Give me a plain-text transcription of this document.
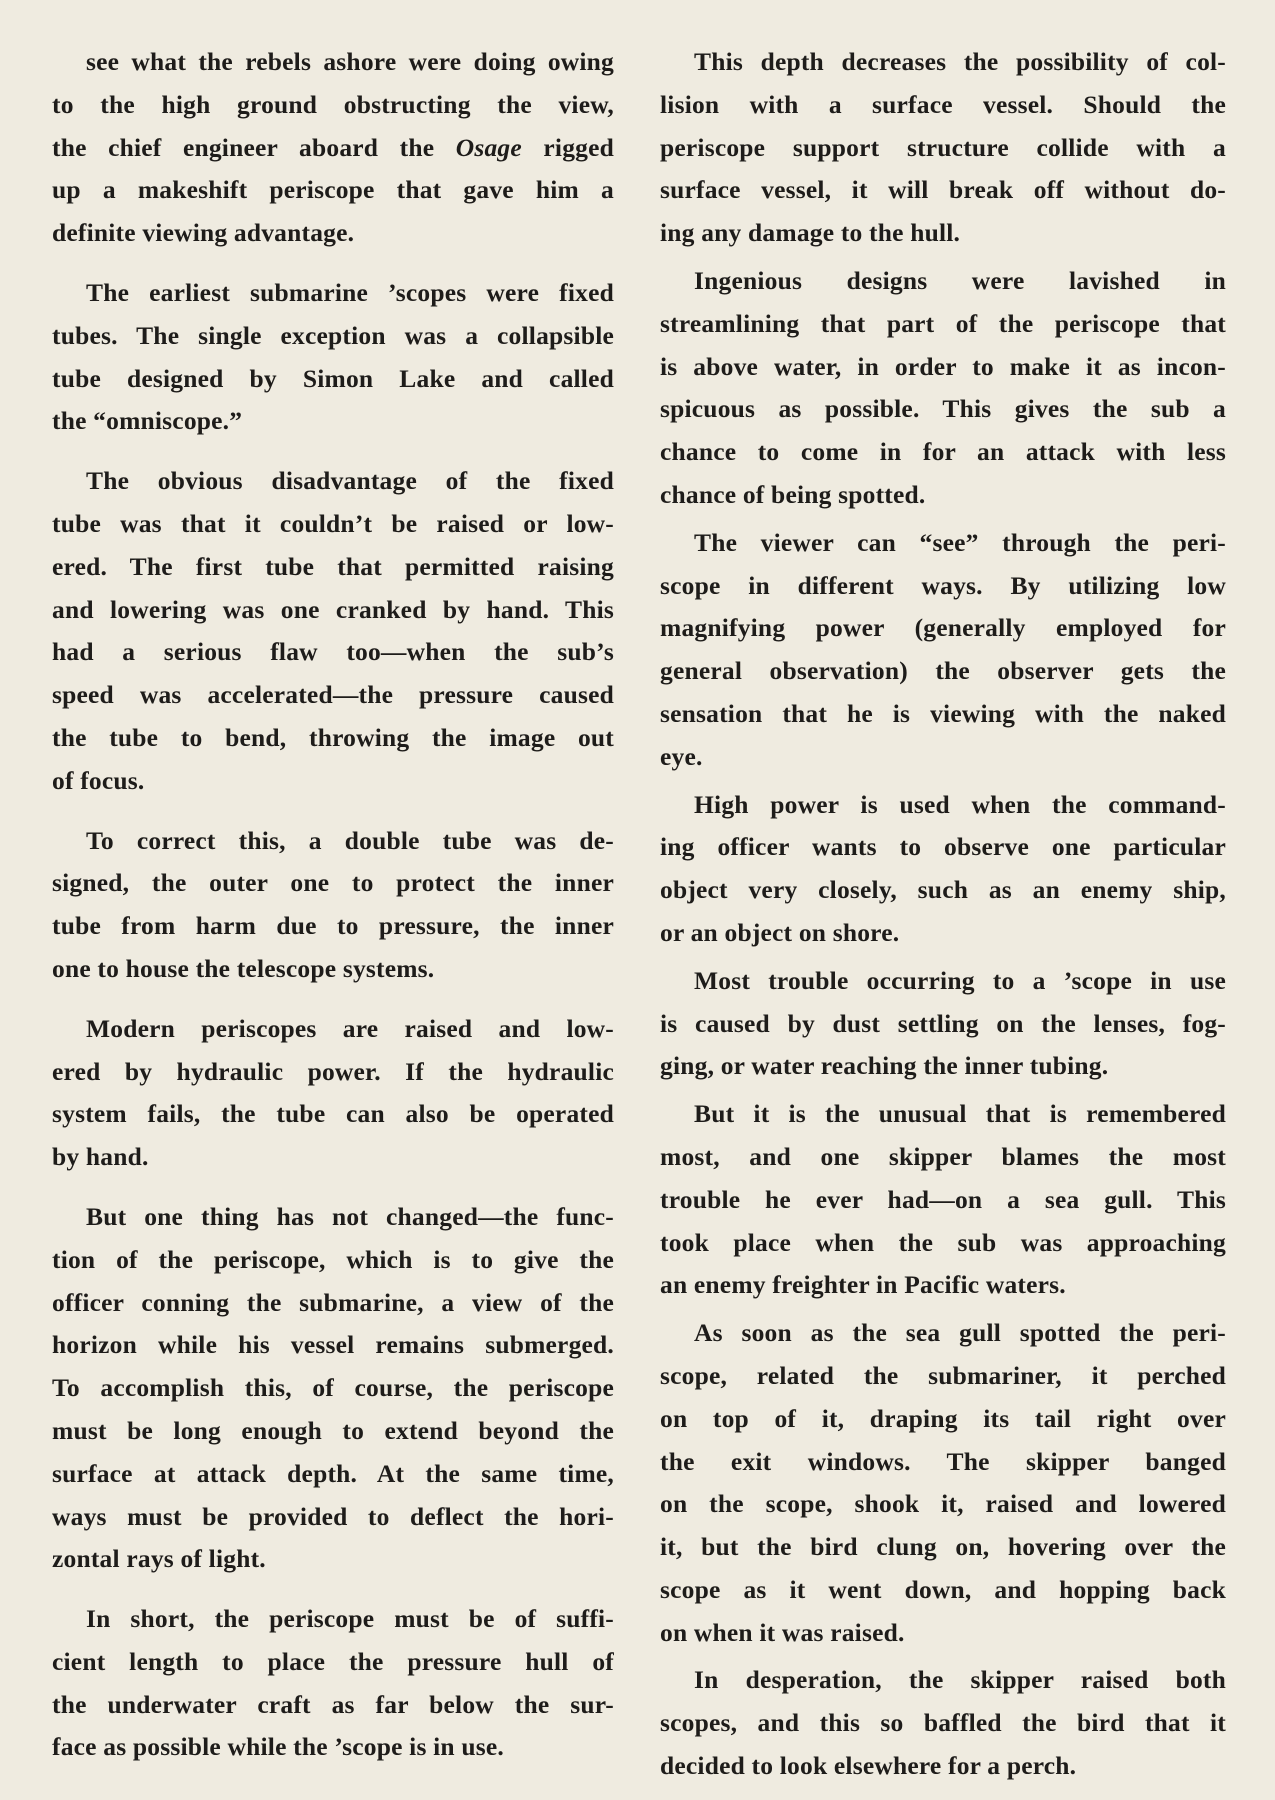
see what the rebels ashore were doing owing
to the high ground obstructing the view,
the chief engineer aboard the Osage rigged
up a makeshift periscope that gave him a
definite viewing advantage.
The earliest submarine ’scopes were fixed
tubes. The single exception was a collapsible
tube designed by Simon Lake and called
the “omniscope.”
The obvious disadvantage of the fixed
tube was that it couldn’t be raised or low-
ered. The first tube that permitted raising
and lowering was one cranked by hand. This
had a serious flaw too—when the sub’s
speed was accelerated—the pressure caused
the tube to bend, throwing the image out
of focus.
To correct this, a double tube was de-
signed, the outer one to protect the inner
tube from harm due to pressure, the inner
one to house the telescope systems.
Modern periscopes are raised and low-
ered by hydraulic power. If the hydraulic
system fails, the tube can also be operated
by hand.
But one thing has not changed—the func-
tion of the periscope, which is to give the
officer conning the submarine, a view of the
horizon while his vessel remains submerged.
To accomplish this, of course, the periscope
must be long enough to extend beyond the
surface at attack depth. At the same time,
ways must be provided to deflect the hori-
zontal rays of light.
In short, the periscope must be of suffi-
cient length to place the pressure hull of
the underwater craft as far below the sur-
face as possible while the ’scope is in use.
This depth decreases the possibility of col-
lision with a surface vessel. Should the
periscope support structure collide with a
surface vessel, it will break off without do-
ing any damage to the hull.
Ingenious designs were lavished in
streamlining that part of the periscope that
is above water, in order to make it as incon-
spicuous as possible. This gives the sub a
chance to come in for an attack with less
chance of being spotted.
The viewer can “see” through the peri-
scope in different ways. By utilizing low
magnifying power (generally employed for
general observation) the observer gets the
sensation that he is viewing with the naked
eye.
High power is used when the command-
ing officer wants to observe one particular
object very closely, such as an enemy ship,
or an object on shore.
Most trouble occurring to a ’scope in use
is caused by dust settling on the lenses, fog-
ging, or water reaching the inner tubing.
But it is the unusual that is remembered
most, and one skipper blames the most
trouble he ever had—on a sea gull. This
took place when the sub was approaching
an enemy freighter in Pacific waters.
As soon as the sea gull spotted the peri-
scope, related the submariner, it perched
on top of it, draping its tail right over
the exit windows. The skipper banged
on the scope, shook it, raised and lowered
it, but the bird clung on, hovering over the
scope as it went down, and hopping back
on when it was raised.
In desperation, the skipper raised both
scopes, and this so baffled the bird that it
decided to look elsewhere for a perch.
